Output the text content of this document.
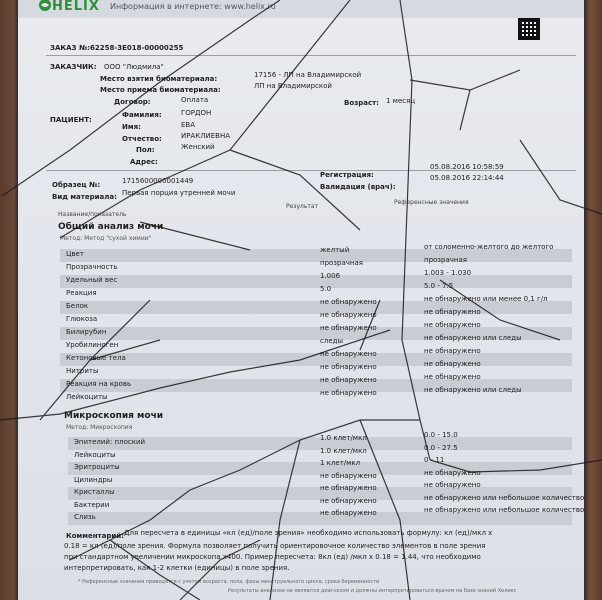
HELIX Информация в интернете: www.helix.ru
ЗАКАЗ №: 62258-3E018-00000255
ЗАКАЗЧИК: ООО "Людмила"
Место взятия биоматериала:	17156 - ЛП на Владимирской
Место приема биоматериала:	ЛП на Владимирской
Договор:	Оплата
ПАЦИЕНТ:
Фамилия:	ГОРДОН
Имя:	ЕВА
Отчество:	ИРАКЛИЕВНА
Пол:	Женский
Адрес:
Возраст: 1 месяц
Образец №:	1715600000001449
Вид материала: Первая порция утренней мочи
Регистрация:
05.08.2016 10:58:59
Валидация (врач):
05.08.2016 22:14:44
Название/показатель
Результат
Референсные значения
Общий анализ мочи
Метод: Метод "сухой химии"
Цвет	желтый	от соломенно-желтого до желтого
Прозрачность	прозрачная	прозрачная
Удельный вес	1.006	1.003 - 1.030
Реакция	5.0	5.0 - 7.5
Белок	не обнаружено	не обнаружено или менее 0,1 г/л
Глюкоза	не обнаружено	не обнаружено
Билирубин	не обнаружено	не обнаружено
Уробилиноген	следы	не обнаружено или следы
Кетоновые тела	не обнаружено	не обнаружено
Нитриты	не обнаружено	не обнаружено
Реакция на кровь	не обнаружено	не обнаружено
Лейкоциты	не обнаружено	не обнаружено или следы
Микроскопия мочи
Метод: Микроскопия
Эпителий: плоский	1.0 клет/мкл	0.0 - 15.0
Лейкоциты	1.0 клет/мкл	0.0 - 27.5
Эритроциты	1 клет/мкл	0 - 11
Цилиндры	не обнаружено	не обнаружено
Кристаллы	не обнаружено	не обнаружено
Бактерии	не обнаружено	не обнаружено или небольшое количество
Слизь	не обнаружено	не обнаружено или небольшое количество
Комментарий: Для пересчета в единицы «кл (ед)/поле зрения» необходимо использовать формулу: кл (ед)/мкл x
0.18 = кл (ед)/поле зрения. Формула позволяет получить ориентировочное количество элементов в поле зрения
при стандартном увеличении микроскопа x400. Пример пересчета: 8кл (ед) /мкл x 0.18 = 1.44, что необходимо
интерпретировать, как 1-2 клетки (единицы) в поле зрения.
* Референсные значения приводятся с учетом возраста, пола, фазы менструального цикла, срока беременности
Результаты анализов не являются диагнозом и должны интерпретироваться врачом на базе знаний Хеликс
